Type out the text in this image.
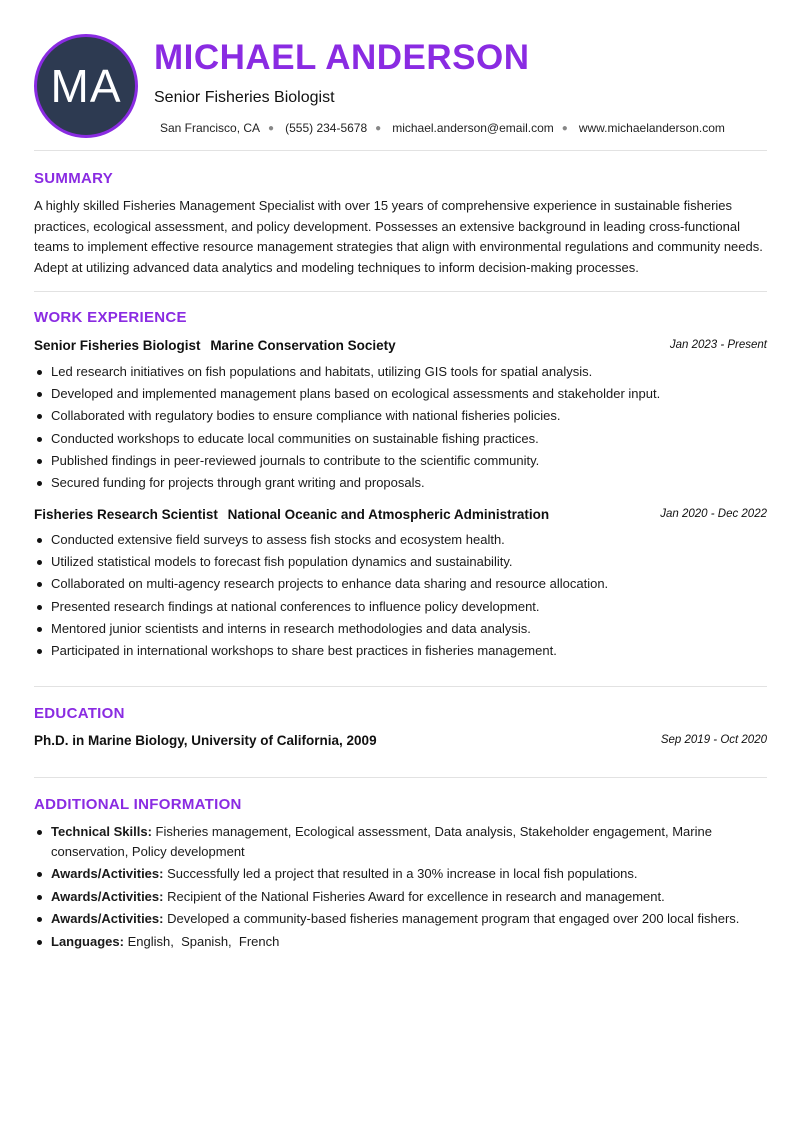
MA
MICHAEL ANDERSON
Senior Fisheries Biologist
San Francisco, CA ● (555) 234-5678 ● michael.anderson@email.com ● www.michaelanderson.com
SUMMARY

A highly skilled Fisheries Management Specialist with over 15 years of comprehensive experience in sustainable fisheries practices, ecological assessment, and policy development. Possesses an extensive background in leading cross-functional teams to implement effective resource management strategies that align with environmental regulations and community needs. Adept at utilizing advanced data analytics and modeling techniques to inform decision-making processes.

WORK EXPERIENCE
Senior Fisheries Biologist Marine Conservation Society	Jan 2023 - Present
Led research initiatives on fish populations and habitats, utilizing GIS tools for spatial analysis.
Developed and implemented management plans based on ecological assessments and stakeholder input.
Collaborated with regulatory bodies to ensure compliance with national fisheries policies.
Conducted workshops to educate local communities on sustainable fishing practices.
Published findings in peer-reviewed journals to contribute to the scientific community.
Secured funding for projects through grant writing and proposals.
Fisheries Research Scientist National Oceanic and Atmospheric Administration	Jan 2020 - Dec 2022
Conducted extensive field surveys to assess fish stocks and ecosystem health.
Utilized statistical models to forecast fish population dynamics and sustainability.
Collaborated on multi-agency research projects to enhance data sharing and resource allocation.
Presented research findings at national conferences to influence policy development.
Mentored junior scientists and interns in research methodologies and data analysis.
Participated in international workshops to share best practices in fisheries management.
EDUCATION
Ph.D. in Marine Biology, University of California, 2009	Sep 2019 - Oct 2020
ADDITIONAL INFORMATION
Technical Skills: Fisheries management, Ecological assessment, Data analysis, Stakeholder engagement, Marine conservation, Policy development
Awards/Activities: Successfully led a project that resulted in a 30% increase in local fish populations.
Awards/Activities: Recipient of the National Fisheries Award for excellence in research and management.
Awards/Activities: Developed a community-based fisheries management program that engaged over 200 local fishers.
Languages: English,  Spanish,  French
